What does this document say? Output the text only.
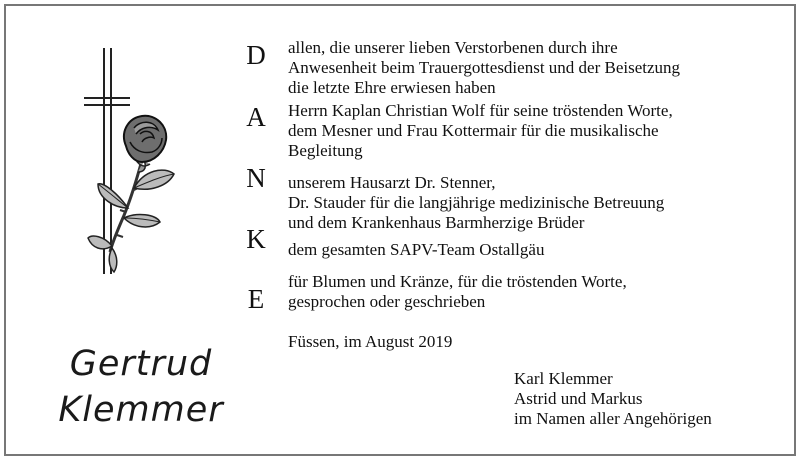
D
A
N
K
E
allen, die unserer lieben Verstorbenen durch ihre
Anwesenheit beim Trauergottesdienst und der Beisetzung
die letzte Ehre erwiesen haben
Herrn Kaplan Christian Wolf für seine tröstenden Worte,
dem Mesner und Frau Kottermair für die musikalische
Begleitung
unserem Hausarzt Dr. Stenner,
Dr. Stauder für die langjährige medizinische Betreuung
und dem Krankenhaus Barmherzige Brüder
dem gesamten SAPV-Team Ostallgäu
für Blumen und Kränze, für die tröstenden Worte,
gesprochen oder geschrieben
Füssen, im August 2019
Gertrud
Klemmer
Karl Klemmer
Astrid und Markus
im Namen aller Angehörigen
